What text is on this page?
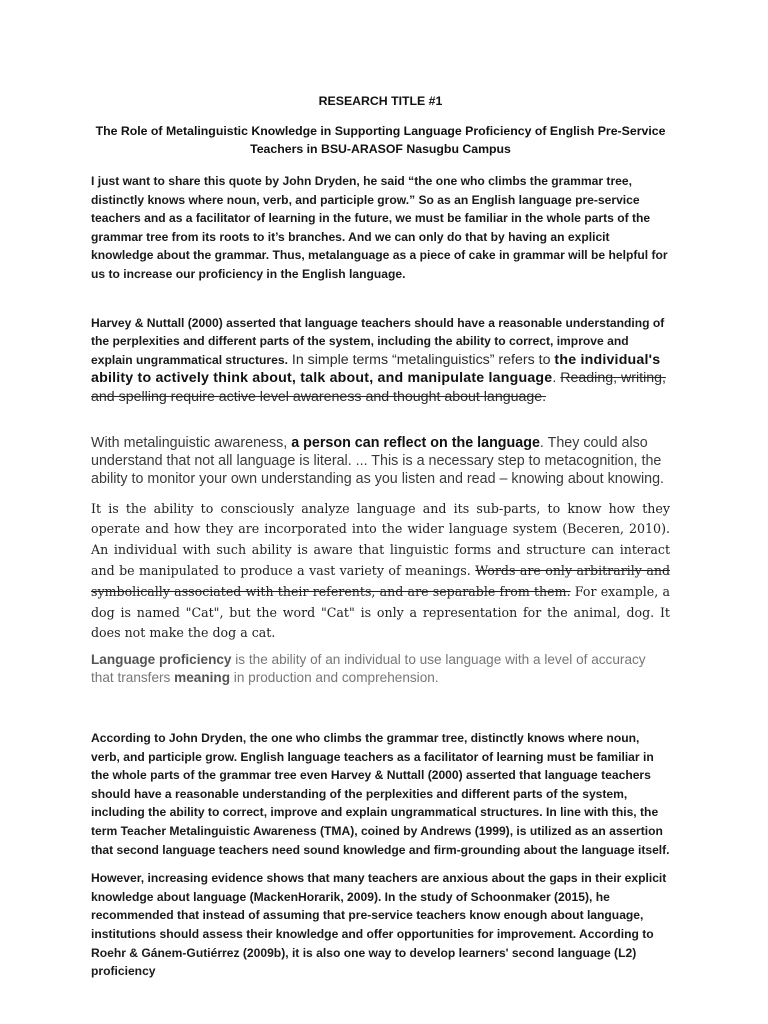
RESEARCH TITLE #1

The Role of Metalinguistic Knowledge in Supporting Language Proficiency of English Pre-Service Teachers in BSU-ARASOF Nasugbu Campus

I just want to share this quote by John Dryden, he said “the one who climbs the grammar tree, distinctly knows where noun, verb, and participle grow.” So as an English language pre-service teachers and as a facilitator of learning in the future, we must be familiar in the whole parts of the grammar tree from its roots to it’s branches. And we can only do that by having an explicit knowledge about the grammar. Thus, metalanguage as a piece of cake in grammar will be helpful for us to increase our proficiency in the English language.

Harvey & Nuttall (2000) asserted that language teachers should have a reasonable understanding of the perplexities and different parts of the system, including the ability to correct, improve and explain ungrammatical structures. In simple terms “metalinguistics” refers to the individual's ability to actively think about, talk about, and manipulate language. Reading, writing, and spelling require active level awareness and thought about language.

With metalinguistic awareness, a person can reflect on the language. They could also understand that not all language is literal. ... This is a necessary step to metacognition, the ability to monitor your own understanding as you listen and read – knowing about knowing.

It is the ability to consciously analyze language and its sub-parts, to know how they operate and how they are incorporated into the wider language system (Beceren, 2010). An individual with such ability is aware that linguistic forms and structure can interact and be manipulated to produce a vast variety of meanings. Words are only arbitrarily and symbolically associated with their referents, and are separable from them. For example, a dog is named "Cat", but the word "Cat" is only a representation for the animal, dog. It does not make the dog a cat.

Language proficiency is the ability of an individual to use language with a level of accuracy that transfers meaning in production and comprehension.

According to John Dryden, the one who climbs the grammar tree, distinctly knows where noun, verb, and participle grow. English language teachers as a facilitator of learning must be familiar in the whole parts of the grammar tree even Harvey & Nuttall (2000) asserted that language teachers should have a reasonable understanding of the perplexities and different parts of the system, including the ability to correct, improve and explain ungrammatical structures. In line with this, the term Teacher Metalinguistic Awareness (TMA), coined by Andrews (1999), is utilized as an assertion that second language teachers need sound knowledge and firm-grounding about the language itself.

However, increasing evidence shows that many teachers are anxious about the gaps in their explicit knowledge about language (MackenHorarik, 2009). In the study of Schoonmaker (2015), he recommended that instead of assuming that pre-service teachers know enough about language, institutions should assess their knowledge and offer opportunities for improvement. According to Roehr & Gánem-Gutiérrez (2009b), it is also one way to develop learners' second language (L2) proficiency
